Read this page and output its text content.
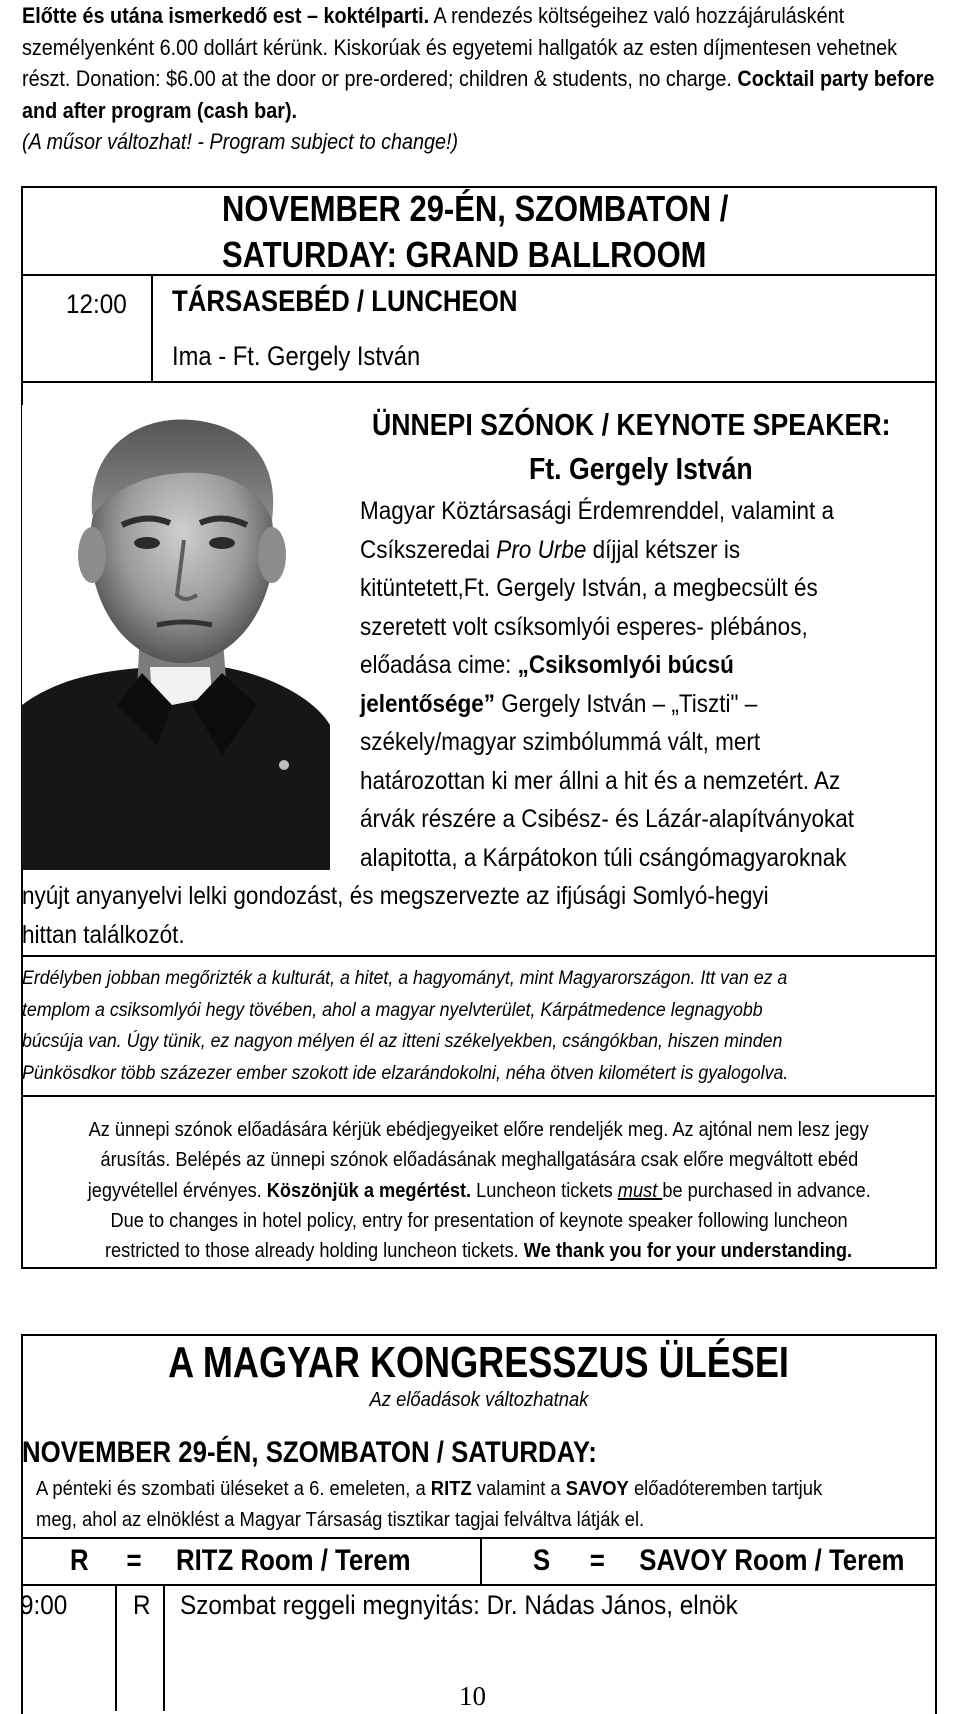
Előtte és utána ismerkedő est – koktélparti. A rendezés költségeihez való hozzájárulásként személyenként 6.00 dollárt kérünk. Kiskorúak és egyetemi hallgatók az esten díjmentesen vehetnek részt. Donation: $6.00 at the door or pre-ordered; children & students, no charge. Cocktail party before and after program (cash bar).
(A műsor változhat! - Program subject to change!)
NOVEMBER 29-ÉN, SZOMBATON /
SATURDAY: GRAND BALLROOM
12:00 TÁRSASEBÉD / LUNCHEON
Ima - Ft. Gergely István
ÜNNEPI SZÓNOK / KEYNOTE SPEAKER:
Ft. Gergely István
Magyar Köztársasági Érdemrenddel, valamint a
Csíkszeredai Pro Urbe díjjal kétszer is
kitüntetett,Ft. Gergely István, a megbecsült és
szeretett volt csíksomlyói esperes- plébános,
előadása cime: „Csiksomlyói búcsú
jelentősége” Gergely István – „Tiszti" –
székely/magyar szimbólummá vált, mert
határozottan ki mer állni a hit és a nemzetért. Az
árvák részére a Csibész- és Lázár-alapítványokat
alapitotta, a Kárpátokon túli csángómagyaroknak
nyújt anyanyelvi lelki gondozást, és megszervezte az ifjúsági Somlyó-hegyi
hittan találkozót.
Erdélyben jobban megőrizték a kulturát, a hitet, a hagyományt, mint Magyarországon. Itt van ez a
templom a csiksomlyói hegy tövében, ahol a magyar nyelvterület, Kárpátmedence legnagyobb
búcsúja van. Úgy tünik, ez nagyon mélyen él az itteni székelyekben, csángókban, hiszen minden
Pünkösdkor több százezer ember szokott ide elzarándokolni, néha ötven kilométert is gyalogolva.
Az ünnepi szónok előadására kérjük ebédjegyeiket előre rendeljék meg. Az ajtónal nem lesz jegy
árusítás. Belépés az ünnepi szónok előadásának meghallgatására csak előre megváltott ebéd
jegyvétellel érvényes. Köszönjük a megértést. Luncheon tickets must be purchased in advance.
Due to changes in hotel policy, entry for presentation of keynote speaker following luncheon
restricted to those already holding luncheon tickets. We thank you for your understanding.
A MAGYAR KONGRESSZUS ÜLÉSEI
Az előadások változhatnak
NOVEMBER 29-ÉN, SZOMBATON / SATURDAY:
A pénteki és szombati üléseket a 6. emeleten, a RITZ valamint a SAVOY előadóteremben tartjuk
meg, ahol az elnöklést a Magyar Társaság tisztikar tagjai felváltva látják el.
R = RITZ Room / Terem	S = SAVOY Room / Terem
9:00 R Szombat reggeli megnyitás: Dr. Nádas János, elnök
10
